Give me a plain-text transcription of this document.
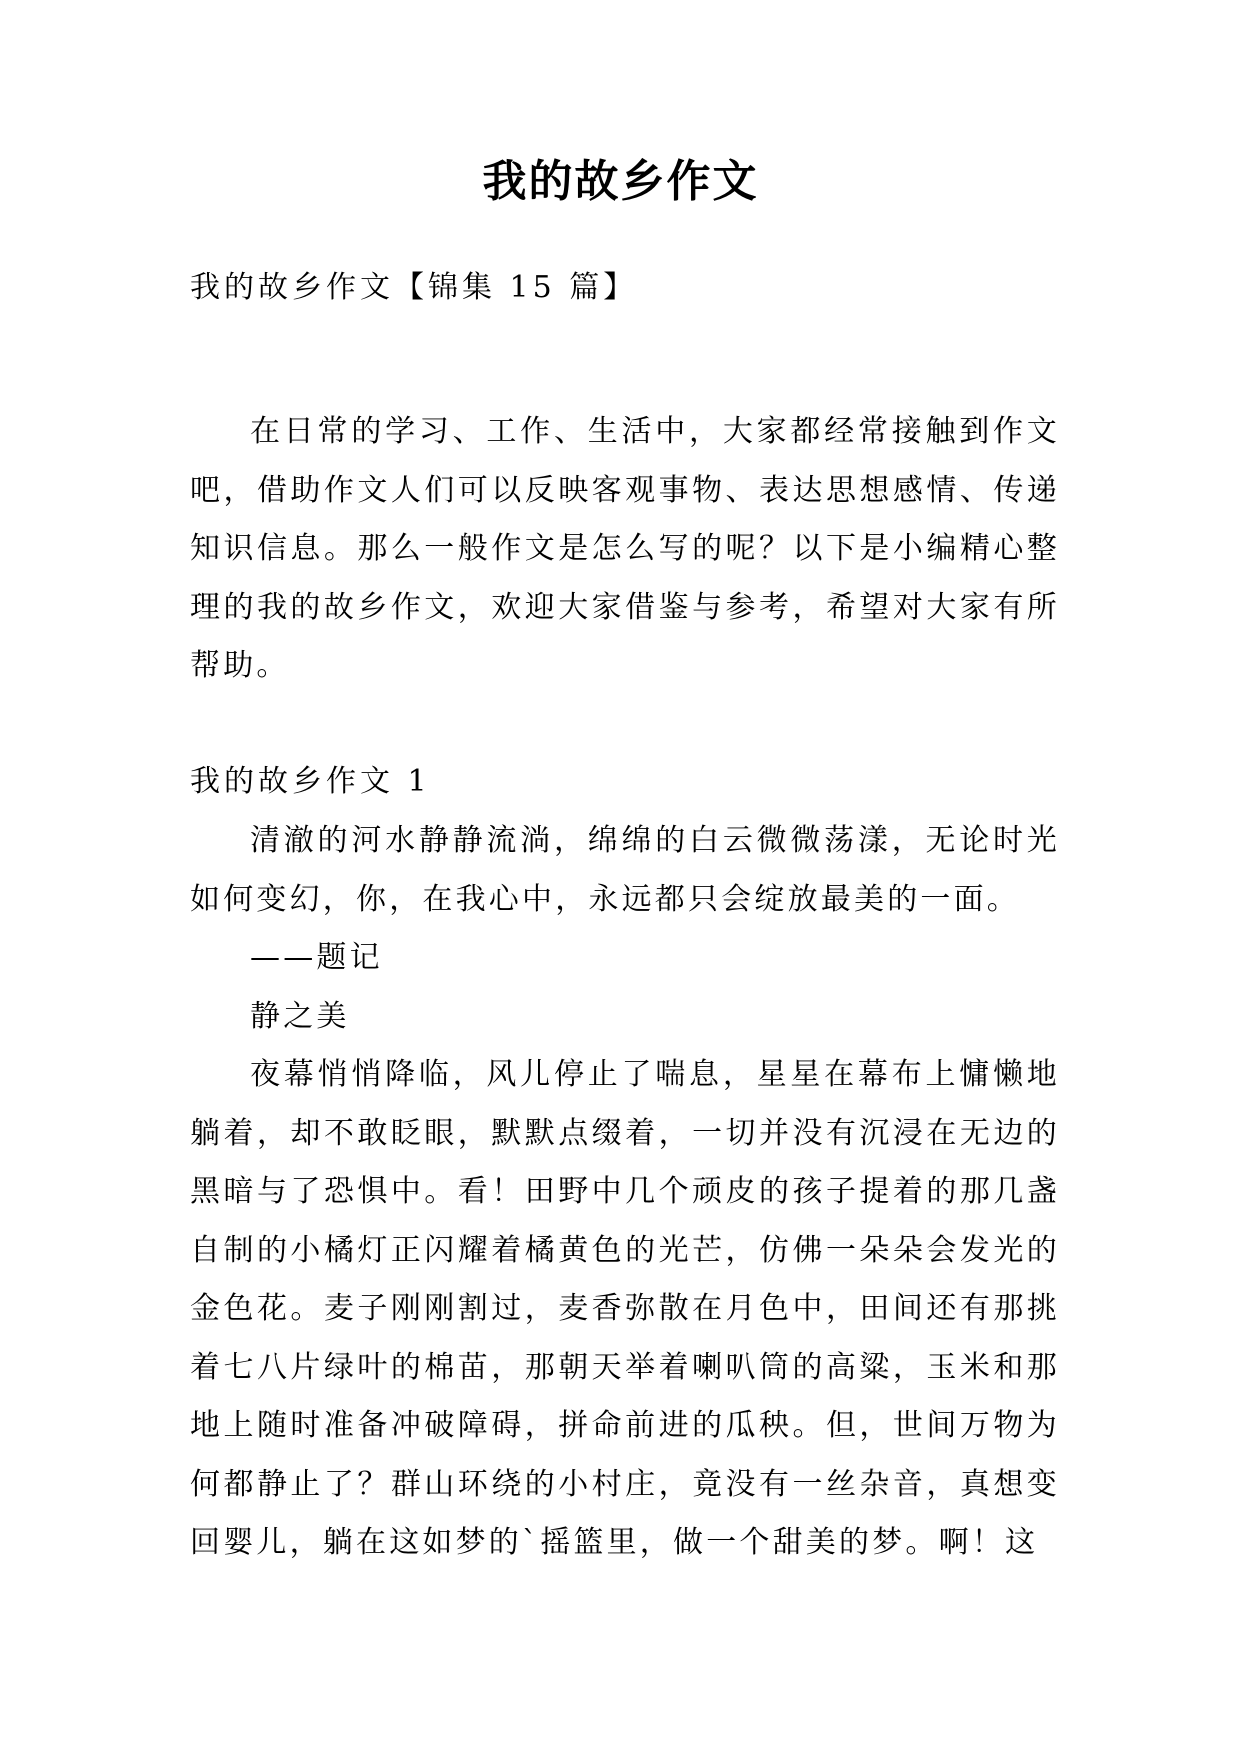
我的故乡作文
我的故乡作文【锦集 15 篇】

在日常的学习、工作、生活中，大家都经常接触到作文吧，借助作文人们可以反映客观事物、表达思想感情、传递知识信息。那么一般作文是怎么写的呢？以下是小编精心整理的我的故乡作文，欢迎大家借鉴与参考，希望对大家有所帮助。

我的故乡作文 1

清澈的河水静静流淌，绵绵的白云微微荡漾，无论时光如何变幻，你，在我心中，永远都只会绽放最美的一面。

——题记

静之美

夜幕悄悄降临，风儿停止了喘息，星星在幕布上慵懒地躺着，却不敢眨眼，默默点缀着，一切并没有沉浸在无边的黑暗与了恐惧中。看！田野中几个顽皮的孩子提着的那几盏自制的小橘灯正闪耀着橘黄色的光芒，仿佛一朵朵会发光的金色花。麦子刚刚割过，麦香弥散在月色中，田间还有那挑着七八片绿叶的棉苗，那朝天举着喇叭筒的高粱，玉米和那地上随时准备冲破障碍，拼命前进的瓜秧。但，世间万物为何都静止了？群山环绕的小村庄，竟没有一丝杂音，真想变回婴儿，躺在这如梦的`摇篮里，做一个甜美的梦。啊！这
